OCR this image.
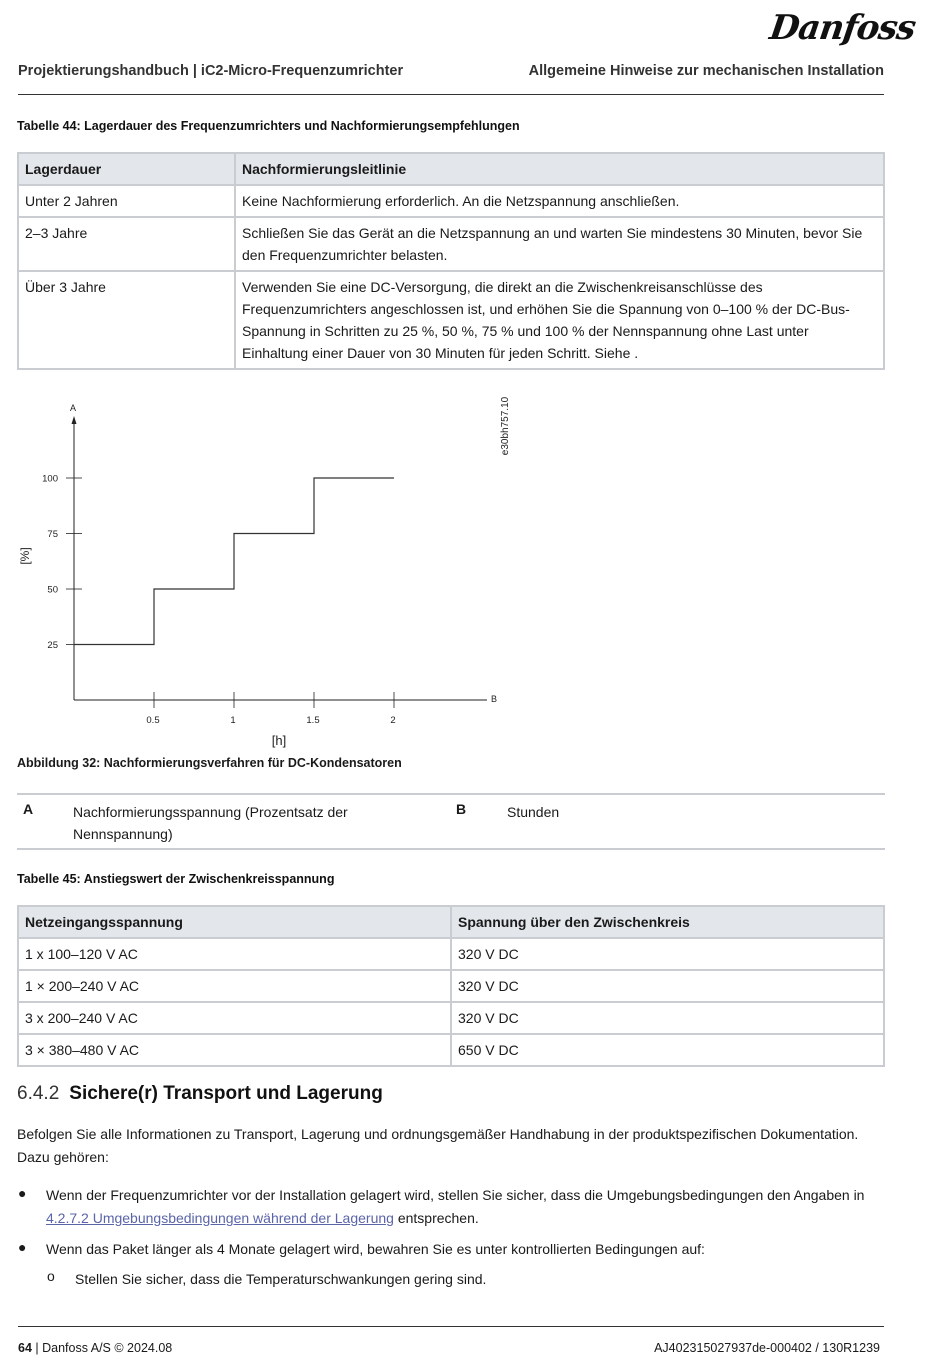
Danfoss
Projektierungshandbuch | iC2-Micro-Frequenzumrichter	Allgemeine Hinweise zur mechanischen Installation
Tabelle 44: Lagerdauer des Frequenzumrichters und Nachformierungsempfehlungen
Lagerdauer	Nachformierungsleitlinie
Unter 2 Jahren	Keine Nachformierung erforderlich. An die Netzspannung anschließen.
2–3 Jahre	Schließen Sie das Gerät an die Netzspannung an und warten Sie mindestens 30 Minuten, bevor Sie den Frequenzumrichter belasten.
Über 3 Jahre	Verwenden Sie eine DC-Versorgung, die direkt an die Zwischenkreisanschlüsse des Frequenzumrichters angeschlossen ist, und erhöhen Sie die Spannung von 0–100 % der DC-Bus-Spannung in Schritten zu 25 %, 50 %, 75 % und 100 % der Nennspannung ohne Last unter Einhaltung einer Dauer von 30 Minuten für jeden Schritt. Siehe .
25
50
75
100
0.5	1	1.5	2
A
B
[h]
[%]
e30bh757.10
Abbildung 32: Nachformierungsverfahren für DC-Kondensatoren
A	Nachformierungsspannung (Prozentsatz der Nennspannung)
B	Stunden
Tabelle 45: Anstiegswert der Zwischenkreisspannung
Netzeingangsspannung	Spannung über den Zwischenkreis
1 x 100–120 V AC	320 V DC
1 × 200–240 V AC	320 V DC
3 x 200–240 V AC	320 V DC
3 × 380–480 V AC	650 V DC
6.4.2 Sichere(r) Transport und Lagerung
Befolgen Sie alle Informationen zu Transport, Lagerung und ordnungsgemäßer Handhabung in der produktspezifischen Dokumentation. Dazu gehören:
● Wenn der Frequenzumrichter vor der Installation gelagert wird, stellen Sie sicher, dass die Umgebungsbedingungen den Angaben in 4.2.7.2 Umgebungsbedingungen während der Lagerung entsprechen.
● Wenn das Paket länger als 4 Monate gelagert wird, bewahren Sie es unter kontrollierten Bedingungen auf:
o Stellen Sie sicher, dass die Temperaturschwankungen gering sind.
64 | Danfoss A/S © 2024.08	AJ402315027937de-000402 / 130R1239
